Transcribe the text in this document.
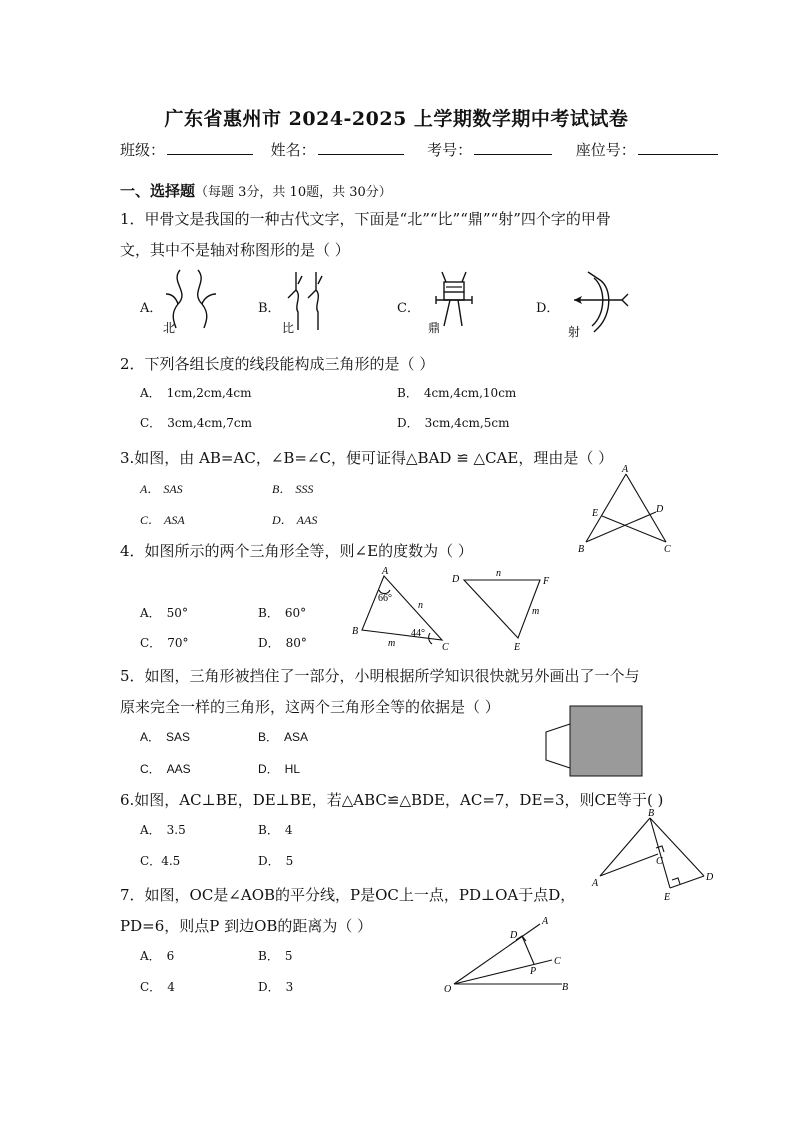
广东省惠州市 2024-2025 上学期数学期中考试试卷
班级：	姓名：	考号：	座位号：
一、选择题（每题 3分，共 10题，共 30分）
1．甲骨文是我国的一种古代文字，下面是“北”“比”“鼎”“射”四个字的甲骨
文，其中不是轴对称图形的是（ ）
A．	B．	C．	D．
北	比	鼎	射
2．下列各组长度的线段能构成三角形的是（ ）
A． 1cm,2cm,4cm	B． 4cm,4cm,10cm
C． 3cm,4cm,7cm	D． 3cm,4cm,5cm
3.如图，由 AB=AC，∠B=∠C，便可证得△BAD ≌ △CAE，理由是（ ）
A． SAS	B． SSS
C． ASA	D． AAS
A
B	C
D
E
4．如图所示的两个三角形全等，则∠E的度数为（ ）
A． 50°	B． 60°
C． 70°	D． 80°
A
B
C
66°
44°
n
m
D	F
E
n
m
5．如图，三角形被挡住了一部分，小明根据所学知识很快就另外画出了一个与
原来完全一样的三角形，这两个三角形全等的依据是（ ）
A． SAS	B． ASA
C． AAS	D． HL
6.如图，AC⊥BE，DE⊥BE，若△ABC≌△BDE，AC=7，DE=3，则CE等于( )
A． 3.5	B． 4
C．4.5	D． 5
B
A
C
D
E
7．如图，OC是∠AOB的平分线，P是OC上一点，PD⊥OA于点D，
PD=6，则点P 到边OB的距离为（ ）
A． 6	B． 5
C． 4	D． 3
A
D
C
P
O	B
